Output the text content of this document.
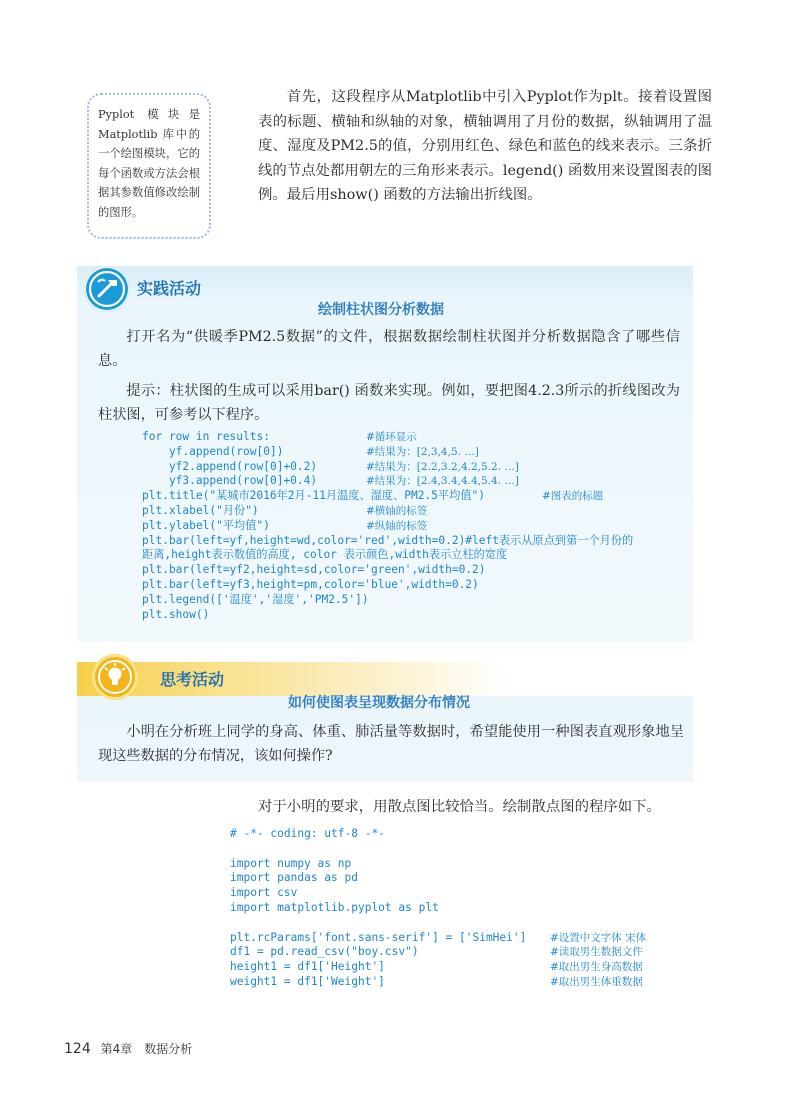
Pyplot 模块是Matplotlib 库中的一个绘图模块，它的每个函数或方法会根据其参数值修改绘制的图形。

首先，这段程序从Matplotlib中引入Pyplot作为plt。接着设置图表的标题、横轴和纵轴的对象，横轴调用了月份的数据，纵轴调用了温度、湿度及PM2.5的值，分别用红色、绿色和蓝色的线来表示。三条折线的节点处都用朝左的三角形来表示。legend() 函数用来设置图表的图例。最后用show() 函数的方法输出折线图。

实践活动
绘制柱状图分析数据

打开名为“供暖季PM2.5数据”的文件，根据数据绘制柱状图并分析数据隐含了哪些信息。

提示：柱状图的生成可以采用bar() 函数来实现。例如，要把图4.2.3所示的折线图改为柱状图，可参考以下程序。

for row in results:	#循环显示
yf.append(row[0])	#结果为：[2,3,4,5. …]
yf2.append(row[0]+0.2)	#结果为：[2.2,3.2,4.2,5.2. …]
yf3.append(row[0]+0.4)	#结果为：[2.4,3.4,4.4,5.4. …]
plt.title("某城市2016年2月-11月温度、湿度、PM2.5平均值")	#图表的标题
plt.xlabel("月份")	#横轴的标签
plt.ylabel("平均值")	#纵轴的标签
plt.bar(left=yf,height=wd,color='red',width=0.2)#left表示从原点到第一个月份的
距离,height表示数值的高度, color 表示颜色,width表示立柱的宽度
plt.bar(left=yf2,height=sd,color='green',width=0.2)
plt.bar(left=yf3,height=pm,color='blue',width=0.2)
plt.legend(['温度','湿度','PM2.5'])
plt.show()
思考活动
如何使图表呈现数据分布情况

小明在分析班上同学的身高、体重、肺活量等数据时，希望能使用一种图表直观形象地呈现这些数据的分布情况，该如何操作?

对于小明的要求，用散点图比较恰当。绘制散点图的程序如下。
# -*- coding: utf-8 -*-
import numpy as np
import pandas as pd
import csv
import matplotlib.pyplot as plt
plt.rcParams['font.sans-serif'] = ['SimHei'] #设置中文字体 宋体
df1 = pd.read_csv("boy.csv")	#读取男生数据文件
height1 = df1['Height']	#取出男生身高数据
weight1 = df1['Weight']	#取出男生体重数据
124 第4章　数据分析
